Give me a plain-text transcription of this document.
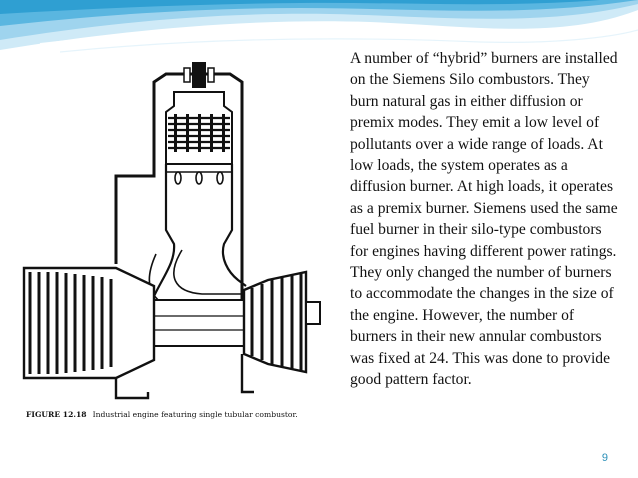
FIGURE 12.18 Industrial engine featuring single tubular combustor.

A number of “hybrid” burners are installed on the Siemens Silo combustors. They burn natural gas in either diffusion or premix modes. They emit a low level of pollutants over a wide range of loads. At low loads, the system operates as a diffusion burner. At high loads, it operates as a premix burner. Siemens used the same fuel burner in their silo-type combustors for engines having different power ratings. They only changed the number of burners to accommodate the changes in the size of the engine. However, the number of burners in their new annular combustors was fixed at 24. This was done to provide good pattern factor.

9
